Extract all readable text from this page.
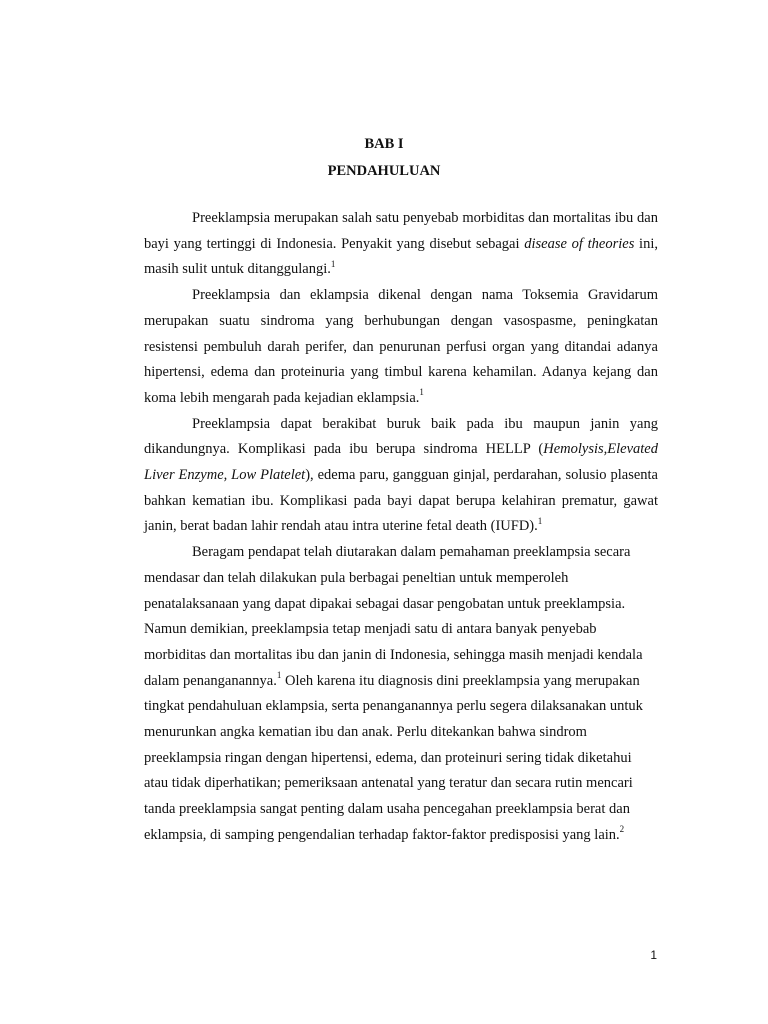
BAB I
PENDAHULUAN

Preeklampsia merupakan salah satu penyebab morbiditas dan mortalitas ibu dan bayi yang tertinggi di Indonesia. Penyakit yang disebut sebagai disease of theories ini, masih sulit untuk ditanggulangi.$^1$

Preeklampsia dan eklampsia dikenal dengan nama Toksemia Gravidarum merupakan suatu sindroma yang berhubungan dengan vasospasme, peningkatan resistensi pembuluh darah perifer, dan penurunan perfusi organ yang ditandai adanya hipertensi, edema dan proteinuria yang timbul karena kehamilan. Adanya kejang dan koma lebih mengarah pada kejadian eklampsia.$^1$

Preeklampsia dapat berakibat buruk baik pada ibu maupun janin yang dikandungnya. Komplikasi pada ibu berupa sindroma HELLP (Hemolysis,Elevated Liver Enzyme, Low Platelet), edema paru, gangguan ginjal, perdarahan, solusio plasenta bahkan kematian ibu. Komplikasi pada bayi dapat berupa kelahiran prematur, gawat janin, berat badan lahir rendah atau intra uterine fetal death (IUFD).$^1$

Beragam pendapat telah diutarakan dalam pemahaman preeklampsia secara mendasar dan telah dilakukan pula berbagai peneltian untuk memperoleh penatalaksanaan yang dapat dipakai sebagai dasar pengobatan untuk preeklampsia. Namun demikian, preeklampsia tetap menjadi satu di antara banyak penyebab morbiditas dan mortalitas ibu dan janin di Indonesia, sehingga masih menjadi kendala dalam penanganannya.$^1$ Oleh karena itu diagnosis dini preeklampsia yang merupakan tingkat pendahuluan eklampsia, serta penanganannya perlu segera dilaksanakan untuk menurunkan angka kematian ibu dan anak. Perlu ditekankan bahwa sindrom preeklampsia ringan dengan hipertensi, edema, dan proteinuri sering tidak diketahui atau tidak diperhatikan; pemeriksaan antenatal yang teratur dan secara rutin mencari tanda preeklampsia sangat penting dalam usaha pencegahan preeklampsia berat dan eklampsia, di samping pengendalian terhadap faktor-faktor predisposisi yang lain.$^2$

1
